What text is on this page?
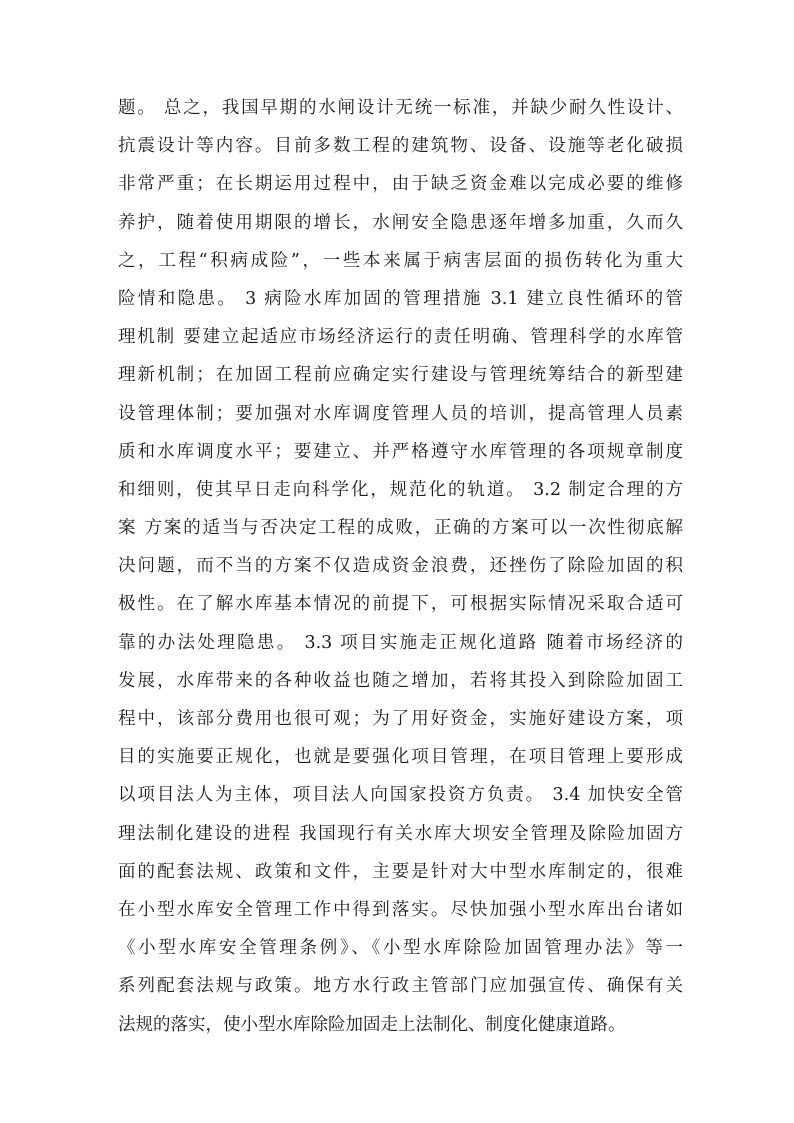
题。 总之，我国早期的水闸设计无统一标准，并缺少耐久性设计、
抗震设计等内容。目前多数工程的建筑物、设备、设施等老化破损
非常严重；在长期运用过程中，由于缺乏资金难以完成必要的维修
养护，随着使用期限的增长，水闸安全隐患逐年增多加重，久而久
之，工程“积病成险”，一些本来属于病害层面的损伤转化为重大
险情和隐患。 3 病险水库加固的管理措施 3.1 建立良性循环的管
理机制 要建立起适应市场经济运行的责任明确、管理科学的水库管
理新机制；在加固工程前应确定实行建设与管理统筹结合的新型建
设管理体制；要加强对水库调度管理人员的培训，提高管理人员素
质和水库调度水平；要建立、并严格遵守水库管理的各项规章制度
和细则，使其早日走向科学化，规范化的轨道。 3.2 制定合理的方
案 方案的适当与否决定工程的成败，正确的方案可以一次性彻底解
决问题，而不当的方案不仅造成资金浪费，还挫伤了除险加固的积
极性。在了解水库基本情况的前提下，可根据实际情况采取合适可
靠的办法处理隐患。 3.3 项目实施走正规化道路 随着市场经济的
发展，水库带来的各种收益也随之增加，若将其投入到除险加固工
程中，该部分费用也很可观；为了用好资金，实施好建设方案，项
目的实施要正规化，也就是要强化项目管理，在项目管理上要形成
以项目法人为主体，项目法人向国家投资方负责。 3.4 加快安全管
理法制化建设的进程 我国现行有关水库大坝安全管理及除险加固方
面的配套法规、政策和文件，主要是针对大中型水库制定的，很难
在小型水库安全管理工作中得到落实。尽快加强小型水库出台诸如
《小型水库安全管理条例》、《小型水库除险加固管理办法》等一
系列配套法规与政策。地方水行政主管部门应加强宣传、确保有关
法规的落实，使小型水库除险加固走上法制化、制度化健康道路。
